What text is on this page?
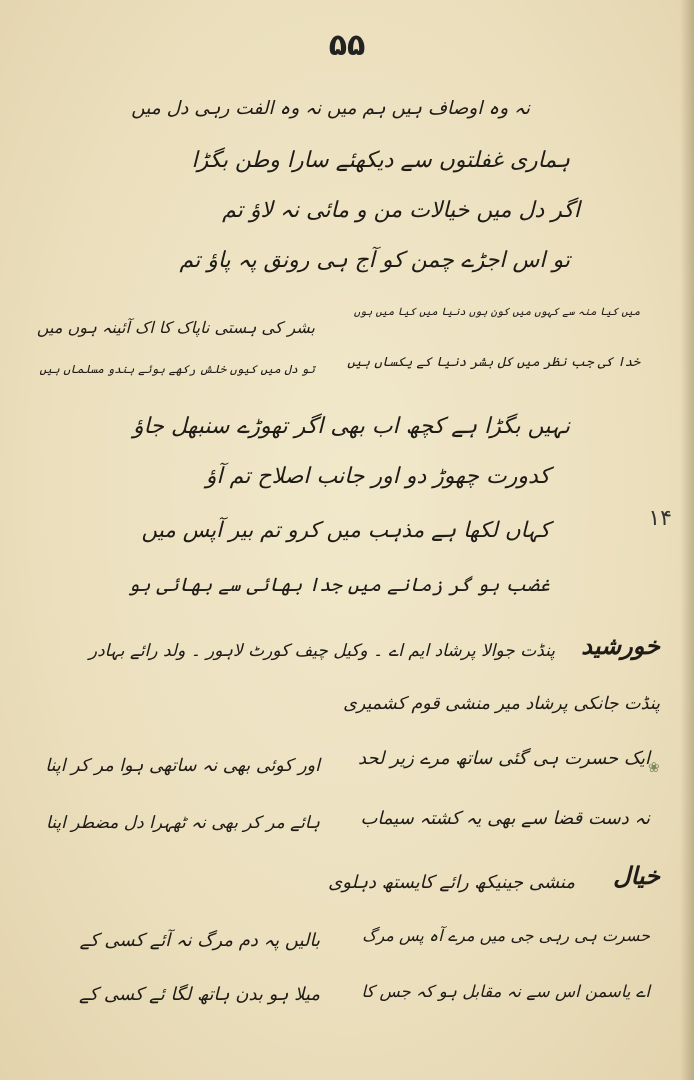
۵۵
نہ وہ اوصاف ہیں ہم میں نہ وہ الفت رہی دل میں
ہماری غفلتوں سے دیکھئے سارا وطن بگڑا
اگر دل میں خیالات من و مائی نہ لاؤ تم
تو اس اجڑے چمن کو آج ہی رونق پہ پاؤ تم
میں کیا منہ سے کہوں میں کون ہوں دنیا میں کیا میں ہوں
بشر کی ہستی ناپاک کا اک آئینہ ہوں میں
خدا کی جب نظر میں کل بشر دنیا کے یکساں ہیں
تو دل میں کیوں خلش رکھے ہوئے ہندو مسلماں ہیں
نہیں بگڑا ہے کچھ اب بھی اگر تھوڑے سنبھل جاؤ
کدورت چھوڑ دو اور جانب اصلاح تم آؤ
کہاں لکھا ہے مذہب میں کرو تم بیر آپس میں
غضب ہو گر زمانے میں جدا بھائی سے بھائی ہو
۱۴
خورشید
پنڈت جوالا پرشاد ایم اے ۔ وکیل چیف کورٹ لاہور ۔ ولد رائے بہادر
پنڈت جانکی پرشاد میر منشی قوم کشمیری
ایک حسرت ہی گئی ساتھ مرے زیر لحد
اور کوئی بھی نہ ساتھی ہوا مر کر اپنا
نہ دست قضا سے بھی یہ کشتہ سیماب
ہائے مر کر بھی نہ ٹھہرا دل مضطر اپنا
خیال
منشی جینیکھ رائے کایستھ دہلوی
حسرت ہی رہی جی میں مرے آہ پس مرگ
بالیں پہ دم مرگ نہ آئے کسی کے
اے یاسمن اس سے نہ مقابل ہو کہ جس کا
میلا ہو بدن ہاتھ لگا ئے کسی کے
❀
